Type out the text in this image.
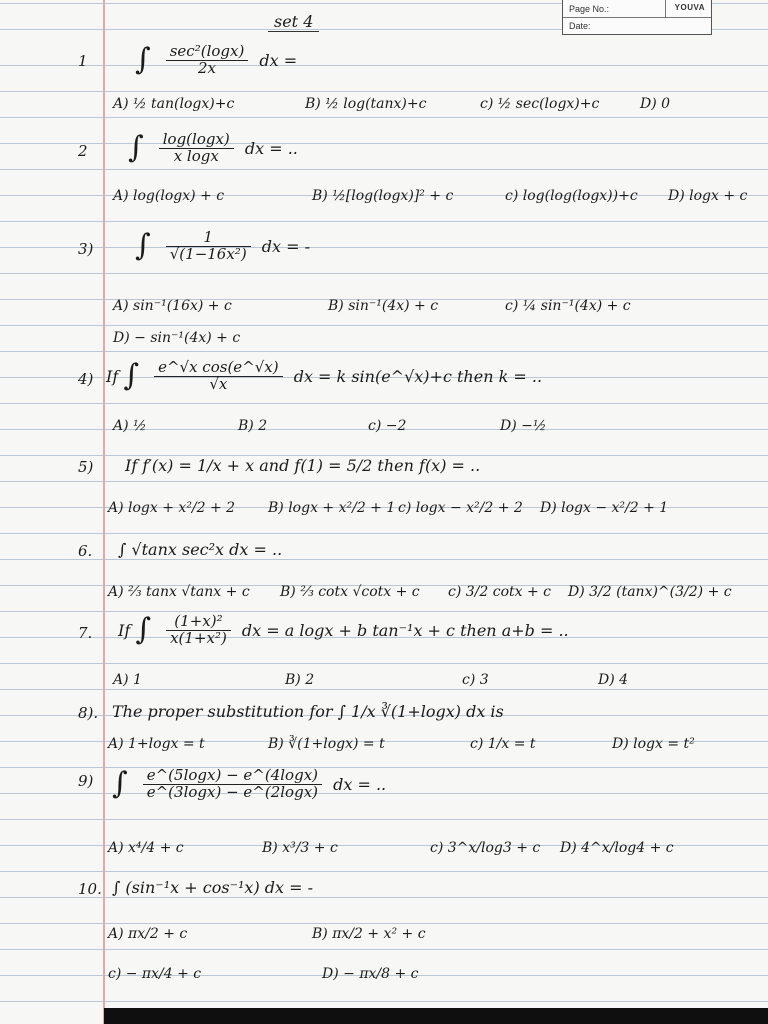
Page No.:	YOUVA
Date:
set 4
1 ∫ $\frac{\text{sec²(logx)}}{2x}$ dx =
A) ½ tan(logx)+c	B) ½ log(tanx)+c	c) ½ sec(logx)+c	D) 0
2 ∫ $\frac{\log(\log x)}{\text{x logx}}$ dx = ..
A) log(logx) + c	B) ½[log(logx)]² + c	c) log(log(logx))+c D) logx + c
3) ∫ $\frac{1}{\text{√(1−16x²)}}$ dx = -
A) sin⁻¹(16x) + c	B) sin⁻¹(4x) + c	c) ¼ sin⁻¹(4x) + c
D) − sin⁻¹(4x) + c
4) If ∫ $\frac{\text{e\textasciicircum{}√x cos(e\textasciicircum{}√x)}}{√x}$ dx = k sin(e^√x)+c then k = ..
A) ½	B) 2	c) −2	D) −½
5) If f′(x) = 1/x + x and f(1) = 5/2 then f(x) = ..
A) logx + x²/2 + 2 B) logx + x²/2 + 1 c) logx − x²/2 + 2 D) logx − x²/2 + 1
6. ∫ √tanx sec²x dx = ..
A) ⅔ tanx √tanx + c B) ⅔ cotx √cotx + c c) 3/2 cotx + c D) 3/2 (tanx)^(3/2) + c
7. If ∫ $\frac{\text{(1+x)²}}{\text{x(1+x²)}}$ dx = a logx + b tan⁻¹x + c then a+b = ..
A) 1	B) 2	c) 3	D) 4
8). The proper substitution for ∫ 1/x ∛(1+logx) dx is
A) 1+logx = t	B) ∛(1+logx) = t	c) 1/x = t	D) logx = t²
9) ∫ $\frac{e\^{}(5\log x) - e\^{}(4\log x)}{e\^{}(3\log x) - e\^{}(2\log x)}$ dx = ..
A) x⁴/4 + c	B) x³/3 + c	c) 3^x/log3 + c D) 4^x/log4 + c
10. ∫ (sin⁻¹x + cos⁻¹x) dx = -
A) πx/2 + c	B) πx/2 + x² + c
c) − πx/4 + c	D) − πx/8 + c
